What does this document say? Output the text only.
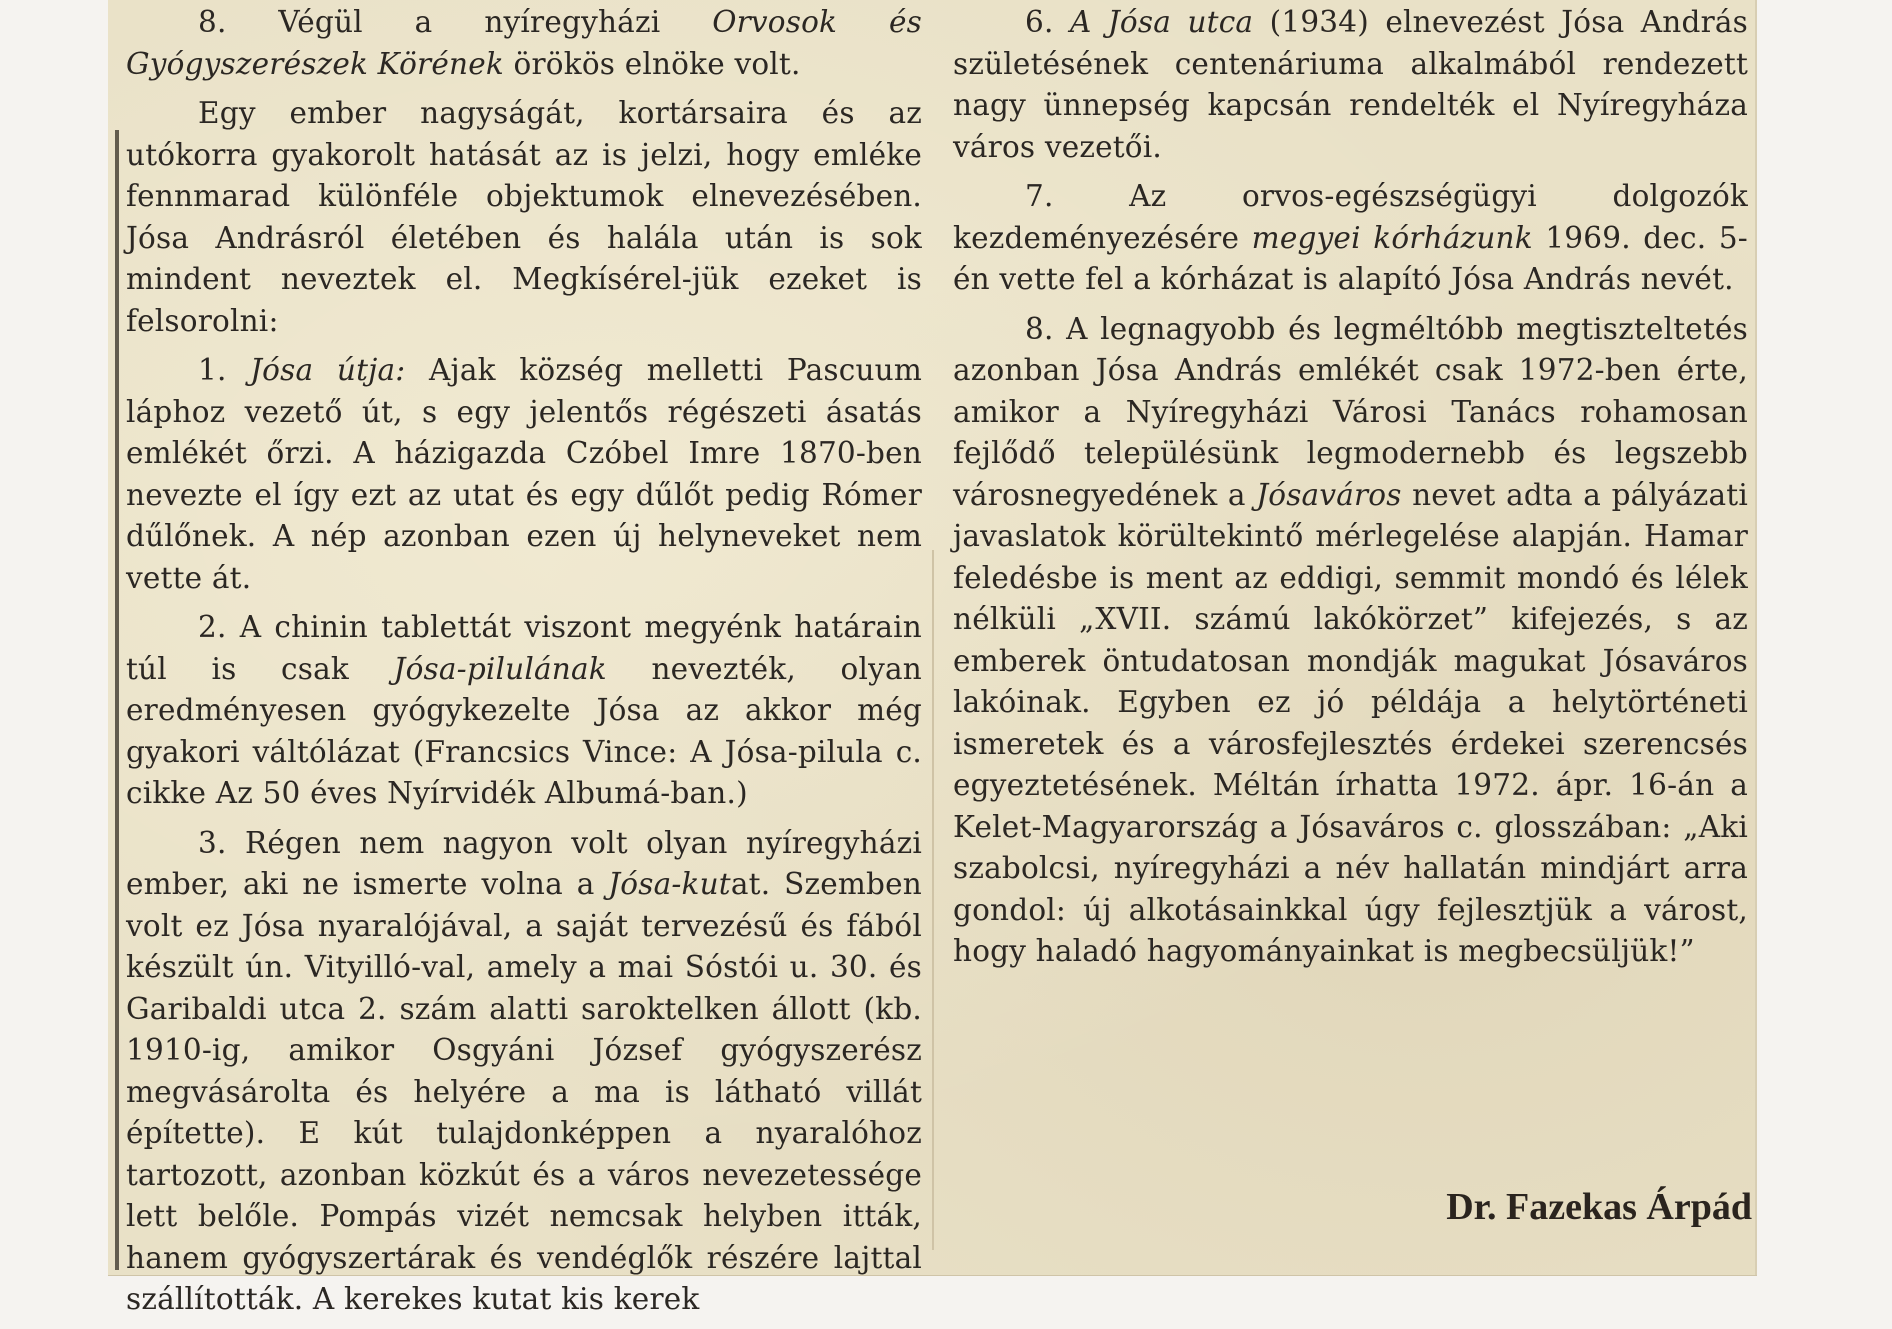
8. Végül a nyíregyházi Orvosok és Gyógyszerészek Körének örökös elnöke volt.

Egy ember nagyságát, kortársaira és az utókorra gyakorolt hatását az is jelzi, hogy emléke fennmarad különféle objektumok elnevezésében. Jósa Andrásról életében és halála után is sok mindent neveztek el. Megkísérel-jük ezeket is felsorolni:

1. Jósa útja: Ajak község melletti Pascuum láphoz vezető út, s egy jelentős régészeti ásatás emlékét őrzi. A házigazda Czóbel Imre 1870-ben nevezte el így ezt az utat és egy dűlőt pedig Rómer dűlőnek. A nép azonban ezen új helyneveket nem vette át.

2. A chinin tablettát viszont megyénk határain túl is csak Jósa-pilulának nevezték, olyan eredményesen gyógykezelte Jósa az akkor még gyakori váltólázat (Francsics Vince: A Jósa-pilula c. cikke Az 50 éves Nyírvidék Albumá-ban.)

3. Régen nem nagyon volt olyan nyíregyházi ember, aki ne ismerte volna a Jósa-kutat. Szemben volt ez Jósa nyaralójával, a saját tervezésű és fából készült ún. Vityilló-val, amely a mai Sóstói u. 30. és Garibaldi utca 2. szám alatti saroktelken állott (kb. 1910-ig, amikor Osgyáni József gyógyszerész megvásárolta és helyére a ma is látható villát építette). E kút tulajdonképpen a nyaralóhoz tartozott, azonban közkút és a város nevezetessége lett belőle. Pompás vizét nemcsak helyben itták, hanem gyógyszertárak és vendéglők részére lajttal szállították. A kerekes kutat kis kerek

6. A Jósa utca (1934) elnevezést Jósa András születésének centenáriuma alkalmából rendezett nagy ünnepség kapcsán rendelték el Nyíregyháza város vezetői.

7. Az orvos-egészségügyi dolgozók kezdeményezésére megyei kórházunk 1969. dec. 5-én vette fel a kórházat is alapító Jósa András nevét.

8. A legnagyobb és legméltóbb megtiszteltetés azonban Jósa András emlékét csak 1972-ben érte, amikor a Nyíregyházi Városi Tanács rohamosan fejlődő településünk legmodernebb és legszebb városnegyedének a Jósaváros nevet adta a pályázati javaslatok körültekintő mérlegelése alapján. Hamar feledésbe is ment az eddigi, semmit mondó és lélek nélküli „XVII. számú lakókörzet” kifejezés, s az emberek öntudatosan mondják magukat Jósaváros lakóinak. Egyben ez jó példája a helytörténeti ismeretek és a városfejlesztés érdekei szerencsés egyeztetésének. Méltán írhatta 1972. ápr. 16-án a Kelet-Magyarország a Jósaváros c. glosszában: „Aki szabolcsi, nyíregyházi a név hallatán mindjárt arra gondol: új alkotásainkkal úgy fejlesztjük a várost, hogy haladó hagyományainkat is megbecsüljük!”

Dr. Fazekas Árpád
